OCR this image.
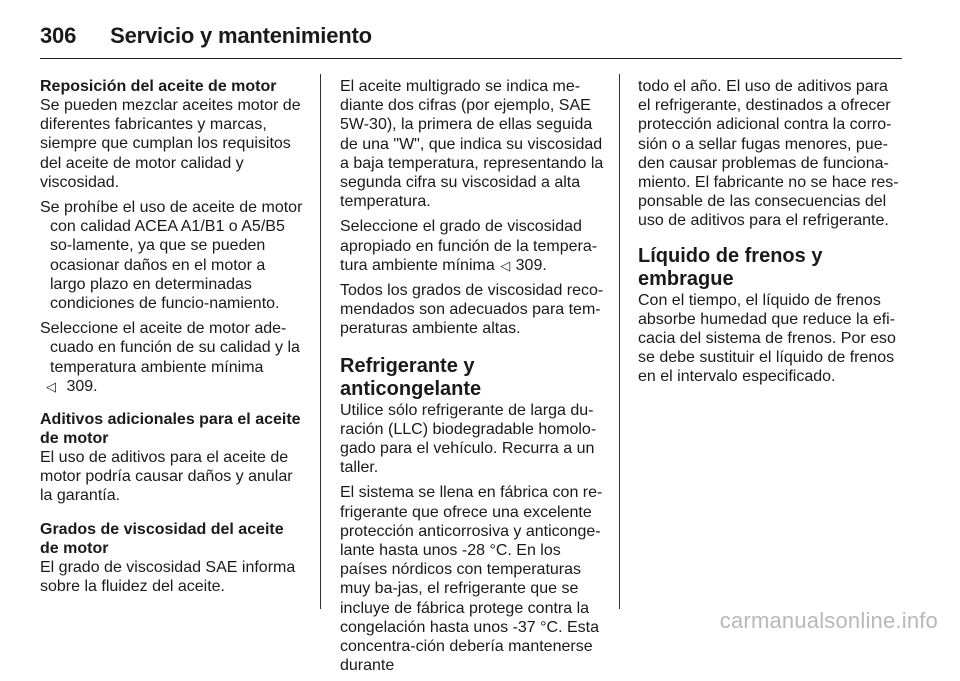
306 Servicio y mantenimiento

Reposición del aceite de motor

Se pueden mezclar aceites motor de diferentes fabricantes y marcas, siempre que cumplan los requisitos del aceite de motor calidad y viscosidad.

Se prohíbe el uso de aceite de motor con calidad ACEA A1/B1 o A5/B5 so-lamente, ya que se pueden ocasionar daños en el motor a largo plazo en determinadas condiciones de funcio-namiento.

Seleccione el aceite de motor ade-cuado en función de su calidad y la temperatura ambiente mínima
◁ 309.

Aditivos adicionales para el aceite de motor

El uso de aditivos para el aceite de motor podría causar daños y anular la garantía.

Grados de viscosidad del aceite de motor

El grado de viscosidad SAE informa sobre la fluidez del aceite.

El aceite multigrado se indica me-diante dos cifras (por ejemplo, SAE 5W-30), la primera de ellas seguida de una "W", que indica su viscosidad a baja temperatura, representando la segunda cifra su viscosidad a alta temperatura.

Seleccione el grado de viscosidad apropiado en función de la tempera-tura ambiente mínima ◁ 309.

Todos los grados de viscosidad reco-mendados son adecuados para tem-peraturas ambiente altas.

Refrigerante y anticongelante

Utilice sólo refrigerante de larga du-ración (LLC) biodegradable homolo-gado para el vehículo. Recurra a un taller.

El sistema se llena en fábrica con re-frigerante que ofrece una excelente protección anticorrosiva y anticonge-lante hasta unos -28 °C. En los países nórdicos con temperaturas muy ba-jas, el refrigerante que se incluye de fábrica protege contra la congelación hasta unos -37 °C. Esta concentra-ción debería mantenerse durante

todo el año. El uso de aditivos para el refrigerante, destinados a ofrecer protección adicional contra la corro-sión o a sellar fugas menores, pue-den causar problemas de funciona-miento. El fabricante no se hace res-ponsable de las consecuencias del uso de aditivos para el refrigerante.

Líquido de frenos y embrague

Con el tiempo, el líquido de frenos absorbe humedad que reduce la efi-cacia del sistema de frenos. Por eso se debe sustituir el líquido de frenos en el intervalo especificado.

carmanualsonline.info
